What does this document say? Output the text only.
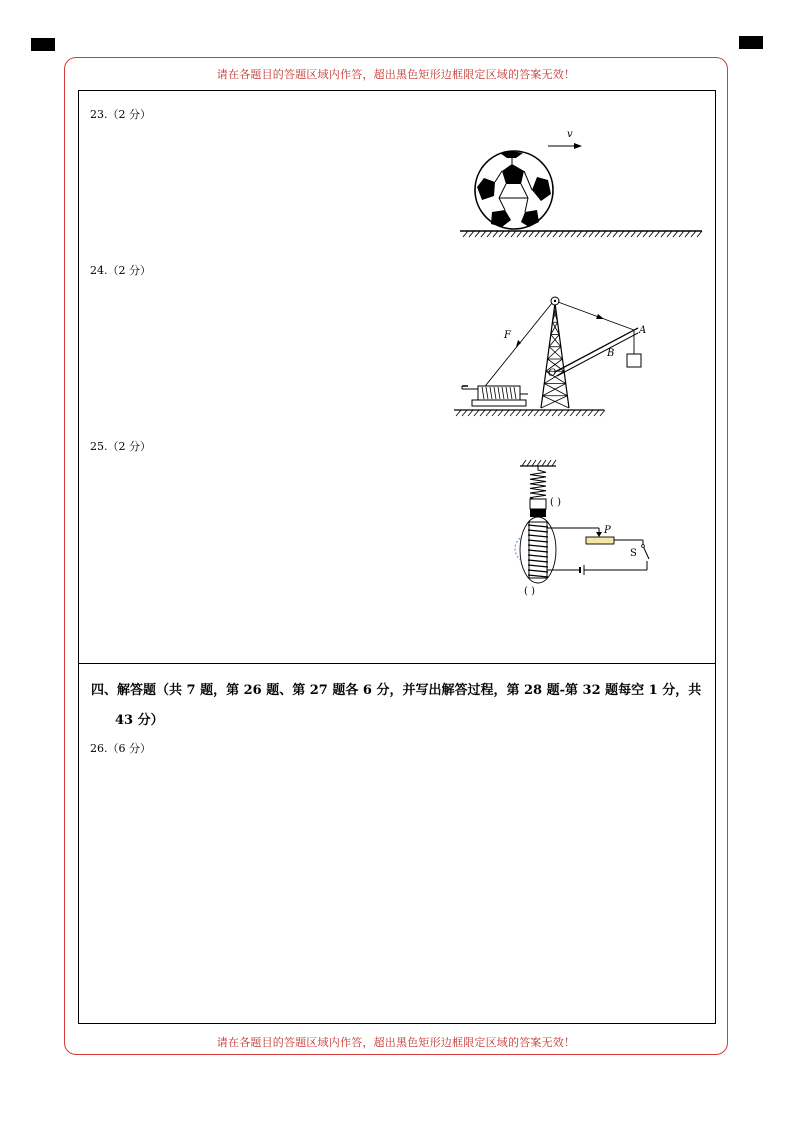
请在各题目的答题区域内作答，超出黑色矩形边框限定区域的答案无效！
请在各题目的答题区域内作答，超出黑色矩形边框限定区域的答案无效！
23.（2 分）
24.（2 分）
25.（2 分）
四、解答题（共 7 题，第 26 题、第 27 题各 6 分，并写出解答过程，第 28 题-第 32 题每空 1 分，共
43 分）
26.（6 分）
v
F	A
B
O
( )
( )
P
S
